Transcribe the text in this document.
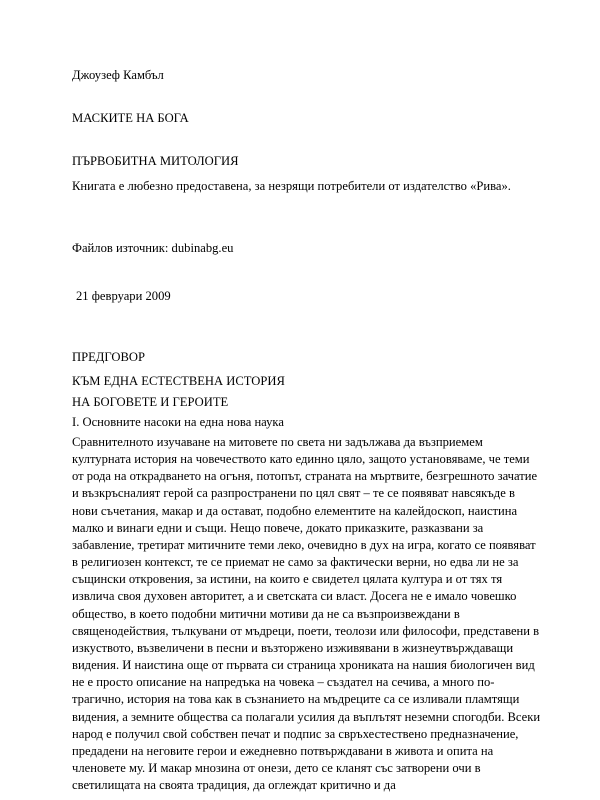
Джоузеф Камбъл
МАСКИТЕ НА БОГА
ПЪРВОБИТНА МИТОЛОГИЯ
Книгата е любезно предоставена, за незрящи потребители от издателство «Рива».
Файлов източник: dubinabg.eu
21 февруари 2009
ПРЕДГОВОР
КЪМ ЕДНА ЕСТЕСТВЕНА ИСТОРИЯ
НА БОГОВЕТЕ И ГЕРОИТЕ
I. Основните насоки на една нова наука
Сравнителното изучаване на митовете по света ни задължава да възприемем културната история на човечеството като единно цяло, защото установяваме, че теми от рода на открадването на огъня, потопът, страната на мъртвите, безгрешното зачатие и възкръсналият герой са разпространени по цял свят – те се появяват навсякъде в нови съчетания, макар и да остават, подобно елементите на калейдоскоп, наистина малко и винаги едни и същи. Нещо повече, докато приказките, разказвани за забавление, третират митичните теми леко, очевидно в дух на игра, когато се появяват в религиозен контекст, те се приемат не само за фактически верни, но едва ли не за същински откровения, за истини, на които е свидетел цялата култура и от тях тя извлича своя духовен авторитет, а и светската си власт. Досега не е имало човешко общество, в което подобни митични мотиви да не са възпроизвеждани в священодействия, тълкувани от мъдреци, поети, теолози или философи, представени в изкуството, възвеличени в песни и възторжено изживявани в жизнеутвърждаващи видения. И наистина още от първата си страница хрониката на нашия биологичен вид не е просто описание на напредъка на човека – създател на сечива, а много по-трагично, история на това как в съзнанието на мъдреците са се изливали пламтящи видения, а земните общества са полагали усилия да въплътят неземни спогодби. Всеки народ е получил свой собствен печат и подпис за свръхестествено предназначение, предадени на неговите герои и ежедневно потвърждавани в живота и опита на членовете му. И макар мнозина от онези, дето се кланят със затворени очи в светилищата на своята традиция, да оглеждат критично и да
